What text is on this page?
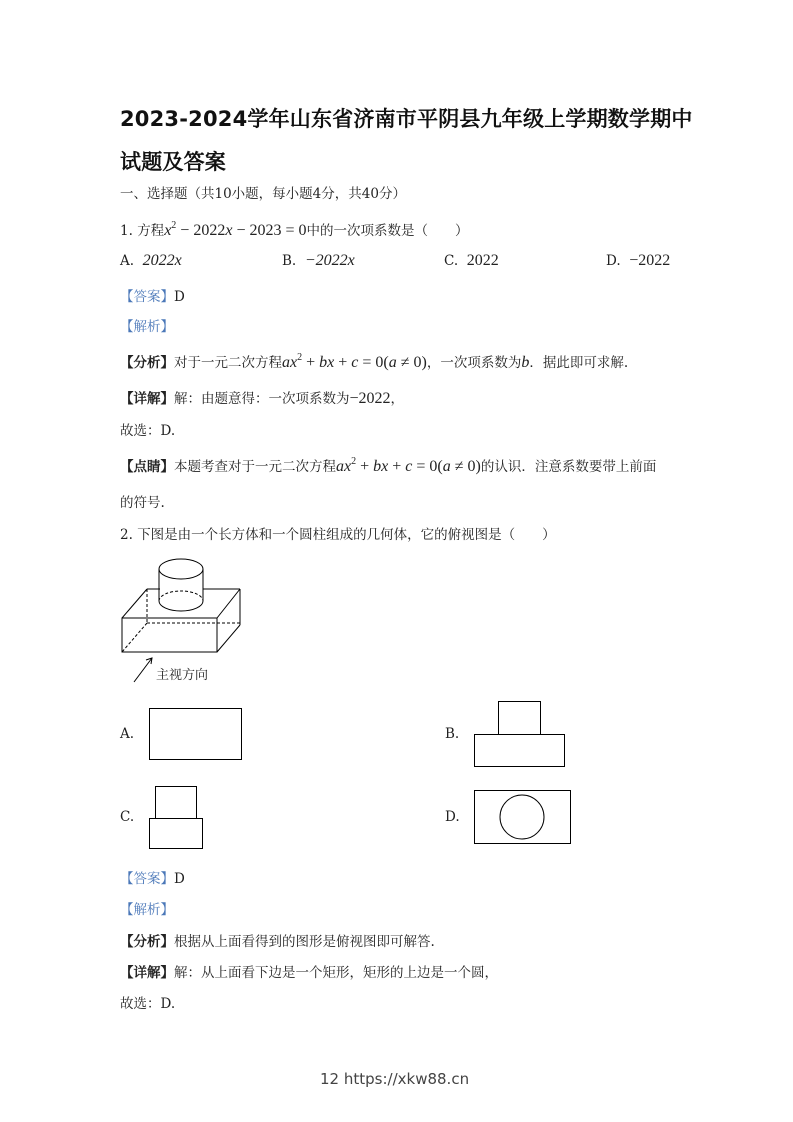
2023-2024学年山东省济南市平阴县九年级上学期数学期中
试题及答案
一、选择题（共10小题，每小题4分，共40分）
1. 方程$x^2 - 2022x - 2023 = 0$中的一次项系数是（　　）
A. 2022x	B. −2022x	C. 2022	D. −2022
【答案】D
【解析】
【分析】对于一元二次方程$ax^2$ + bx + c = 0(a ≠ 0)，一次项系数为b．据此即可求解.
【详解】解：由题意得：一次项系数为−2022，
故选：D.
【点睛】本题考查对于一元二次方程$ax^2$ + bx + c = 0(a ≠ 0)的认识．注意系数要带上前面
的符号.
2. 下图是由一个长方体和一个圆柱组成的几何体，它的俯视图是（　　）
主视方向
A.	B.
C.	D.
【答案】D
【解析】
【分析】根据从上面看得到的图形是俯视图即可解答.
【详解】解：从上面看下边是一个矩形，矩形的上边是一个圆，
故选：D.
12 https://xkw88.cn
